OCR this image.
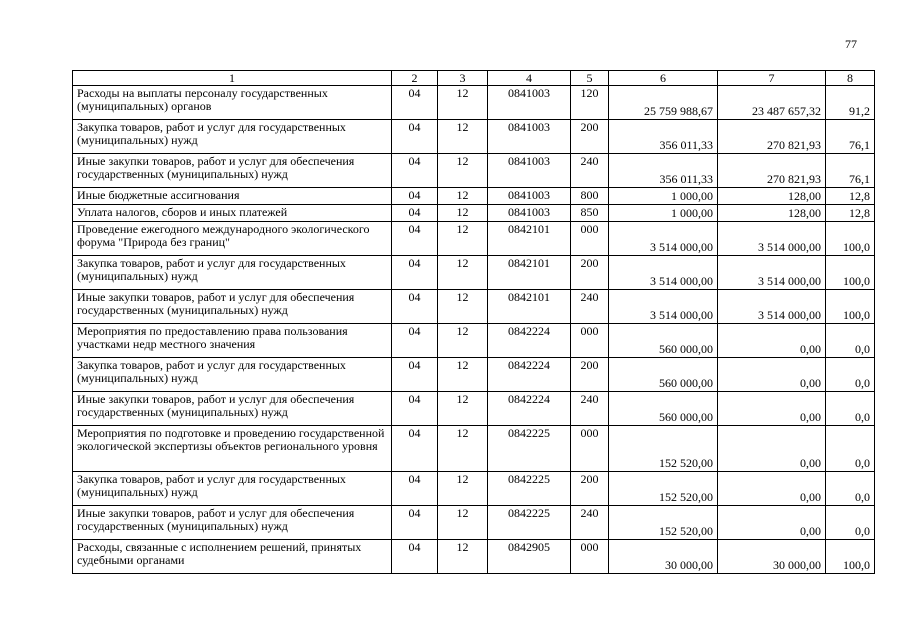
77
1	2	3	4	5	6	7	8
Расходы на выплаты персоналу государственных (муниципальных) органов	04	12	0841003	120	25 759 988,67	23 487 657,32	91,2
Закупка товаров, работ и услуг для государственных (муниципальных) нужд	04	12	0841003	200	356 011,33	270 821,93	76,1
Иные закупки товаров, работ и услуг для обеспечения государственных (муниципальных) нужд	04	12	0841003	240	356 011,33	270 821,93	76,1
Иные бюджетные ассигнования	04	12	0841003	800	1 000,00	128,00	12,8
Уплата налогов, сборов и иных платежей	04	12	0841003	850	1 000,00	128,00	12,8
Проведение ежегодного международного экологического форума "Природа без границ"	04	12	0842101	000	3 514 000,00	3 514 000,00	100,0
Закупка товаров, работ и услуг для государственных (муниципальных) нужд	04	12	0842101	200	3 514 000,00	3 514 000,00	100,0
Иные закупки товаров, работ и услуг для обеспечения государственных (муниципальных) нужд	04	12	0842101	240	3 514 000,00	3 514 000,00	100,0
Мероприятия по предоставлению права пользования участками недр местного значения	04	12	0842224	000	560 000,00	0,00	0,0
Закупка товаров, работ и услуг для государственных (муниципальных) нужд	04	12	0842224	200	560 000,00	0,00	0,0
Иные закупки товаров, работ и услуг для обеспечения государственных (муниципальных) нужд	04	12	0842224	240	560 000,00	0,00	0,0
Мероприятия по подготовке и проведению государственной экологической экспертизы объектов регионального уровня	04	12	0842225	000	152 520,00	0,00	0,0
Закупка товаров, работ и услуг для государственных (муниципальных) нужд	04	12	0842225	200	152 520,00	0,00	0,0
Иные закупки товаров, работ и услуг для обеспечения государственных (муниципальных) нужд	04	12	0842225	240	152 520,00	0,00	0,0
Расходы, связанные с исполнением решений, принятых судебными органами	04	12	0842905	000	30 000,00	30 000,00	100,0
